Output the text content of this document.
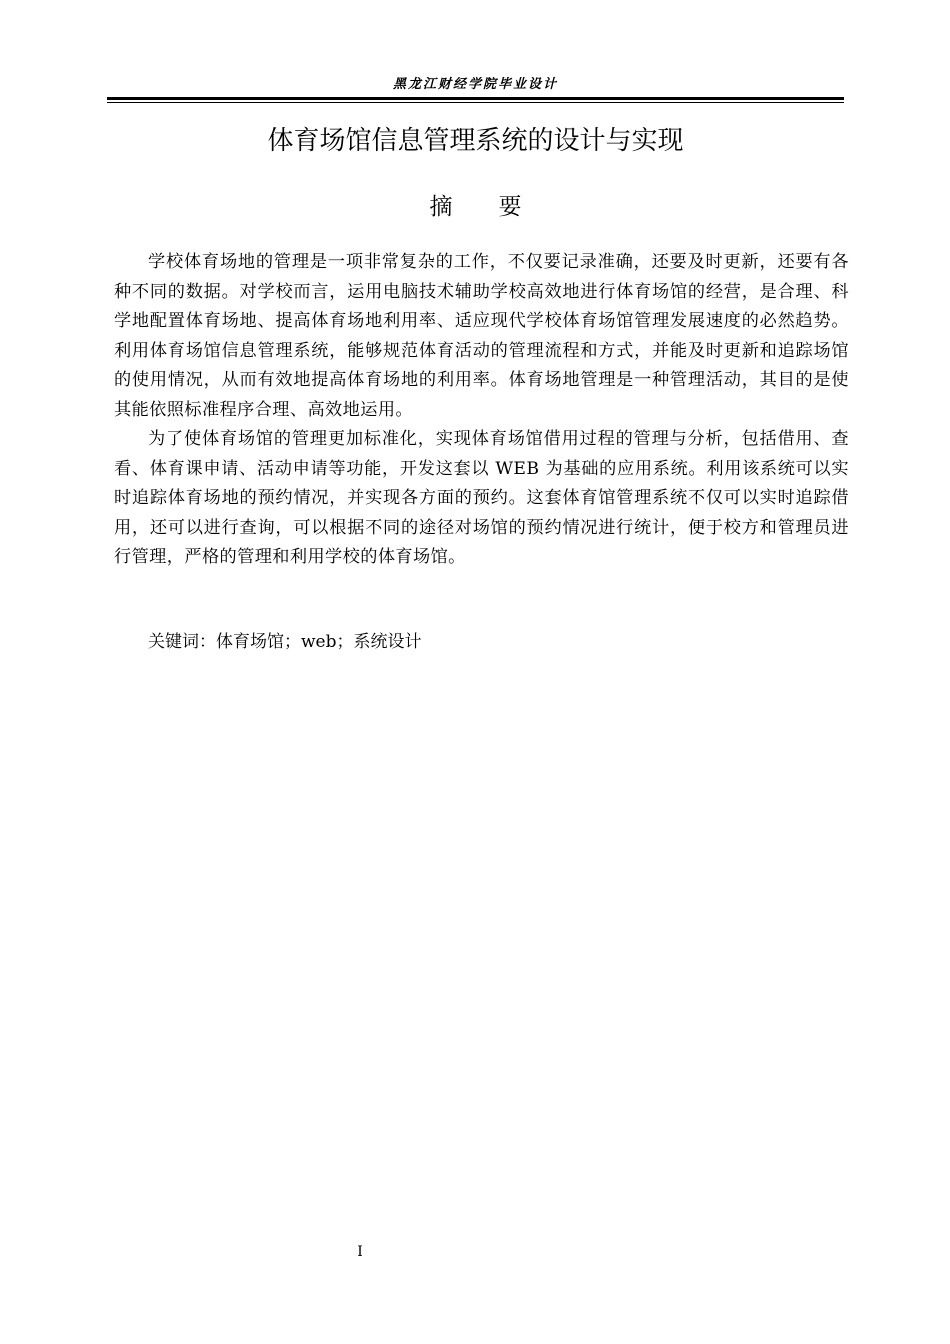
黑龙江财经学院毕业设计
体育场馆信息管理系统的设计与实现
摘 要

学校体育场地的管理是一项非常复杂的工作，不仅要记录准确，还要及时更新，还要有各种不同的数据。对学校而言，运用电脑技术辅助学校高效地进行体育场馆的经营，是合理、科学地配置体育场地、提高体育场地利用率、适应现代学校体育场馆管理发展速度的必然趋势。利用体育场馆信息管理系统，能够规范体育活动的管理流程和方式，并能及时更新和追踪场馆的使用情况，从而有效地提高体育场地的利用率。体育场地管理是一种管理活动，其目的是使其能依照标准程序合理、高效地运用。

为了使体育场馆的管理更加标准化，实现体育场馆借用过程的管理与分析，包括借用、查看、体育课申请、活动申请等功能，开发这套以 WEB 为基础的应用系统。利用该系统可以实时追踪体育场地的预约情况，并实现各方面的预约。这套体育馆管理系统不仅可以实时追踪借用，还可以进行查询，可以根据不同的途径对场馆的预约情况进行统计，便于校方和管理员进行管理，严格的管理和利用学校的体育场馆。

关键词：体育场馆；web；系统设计
I
